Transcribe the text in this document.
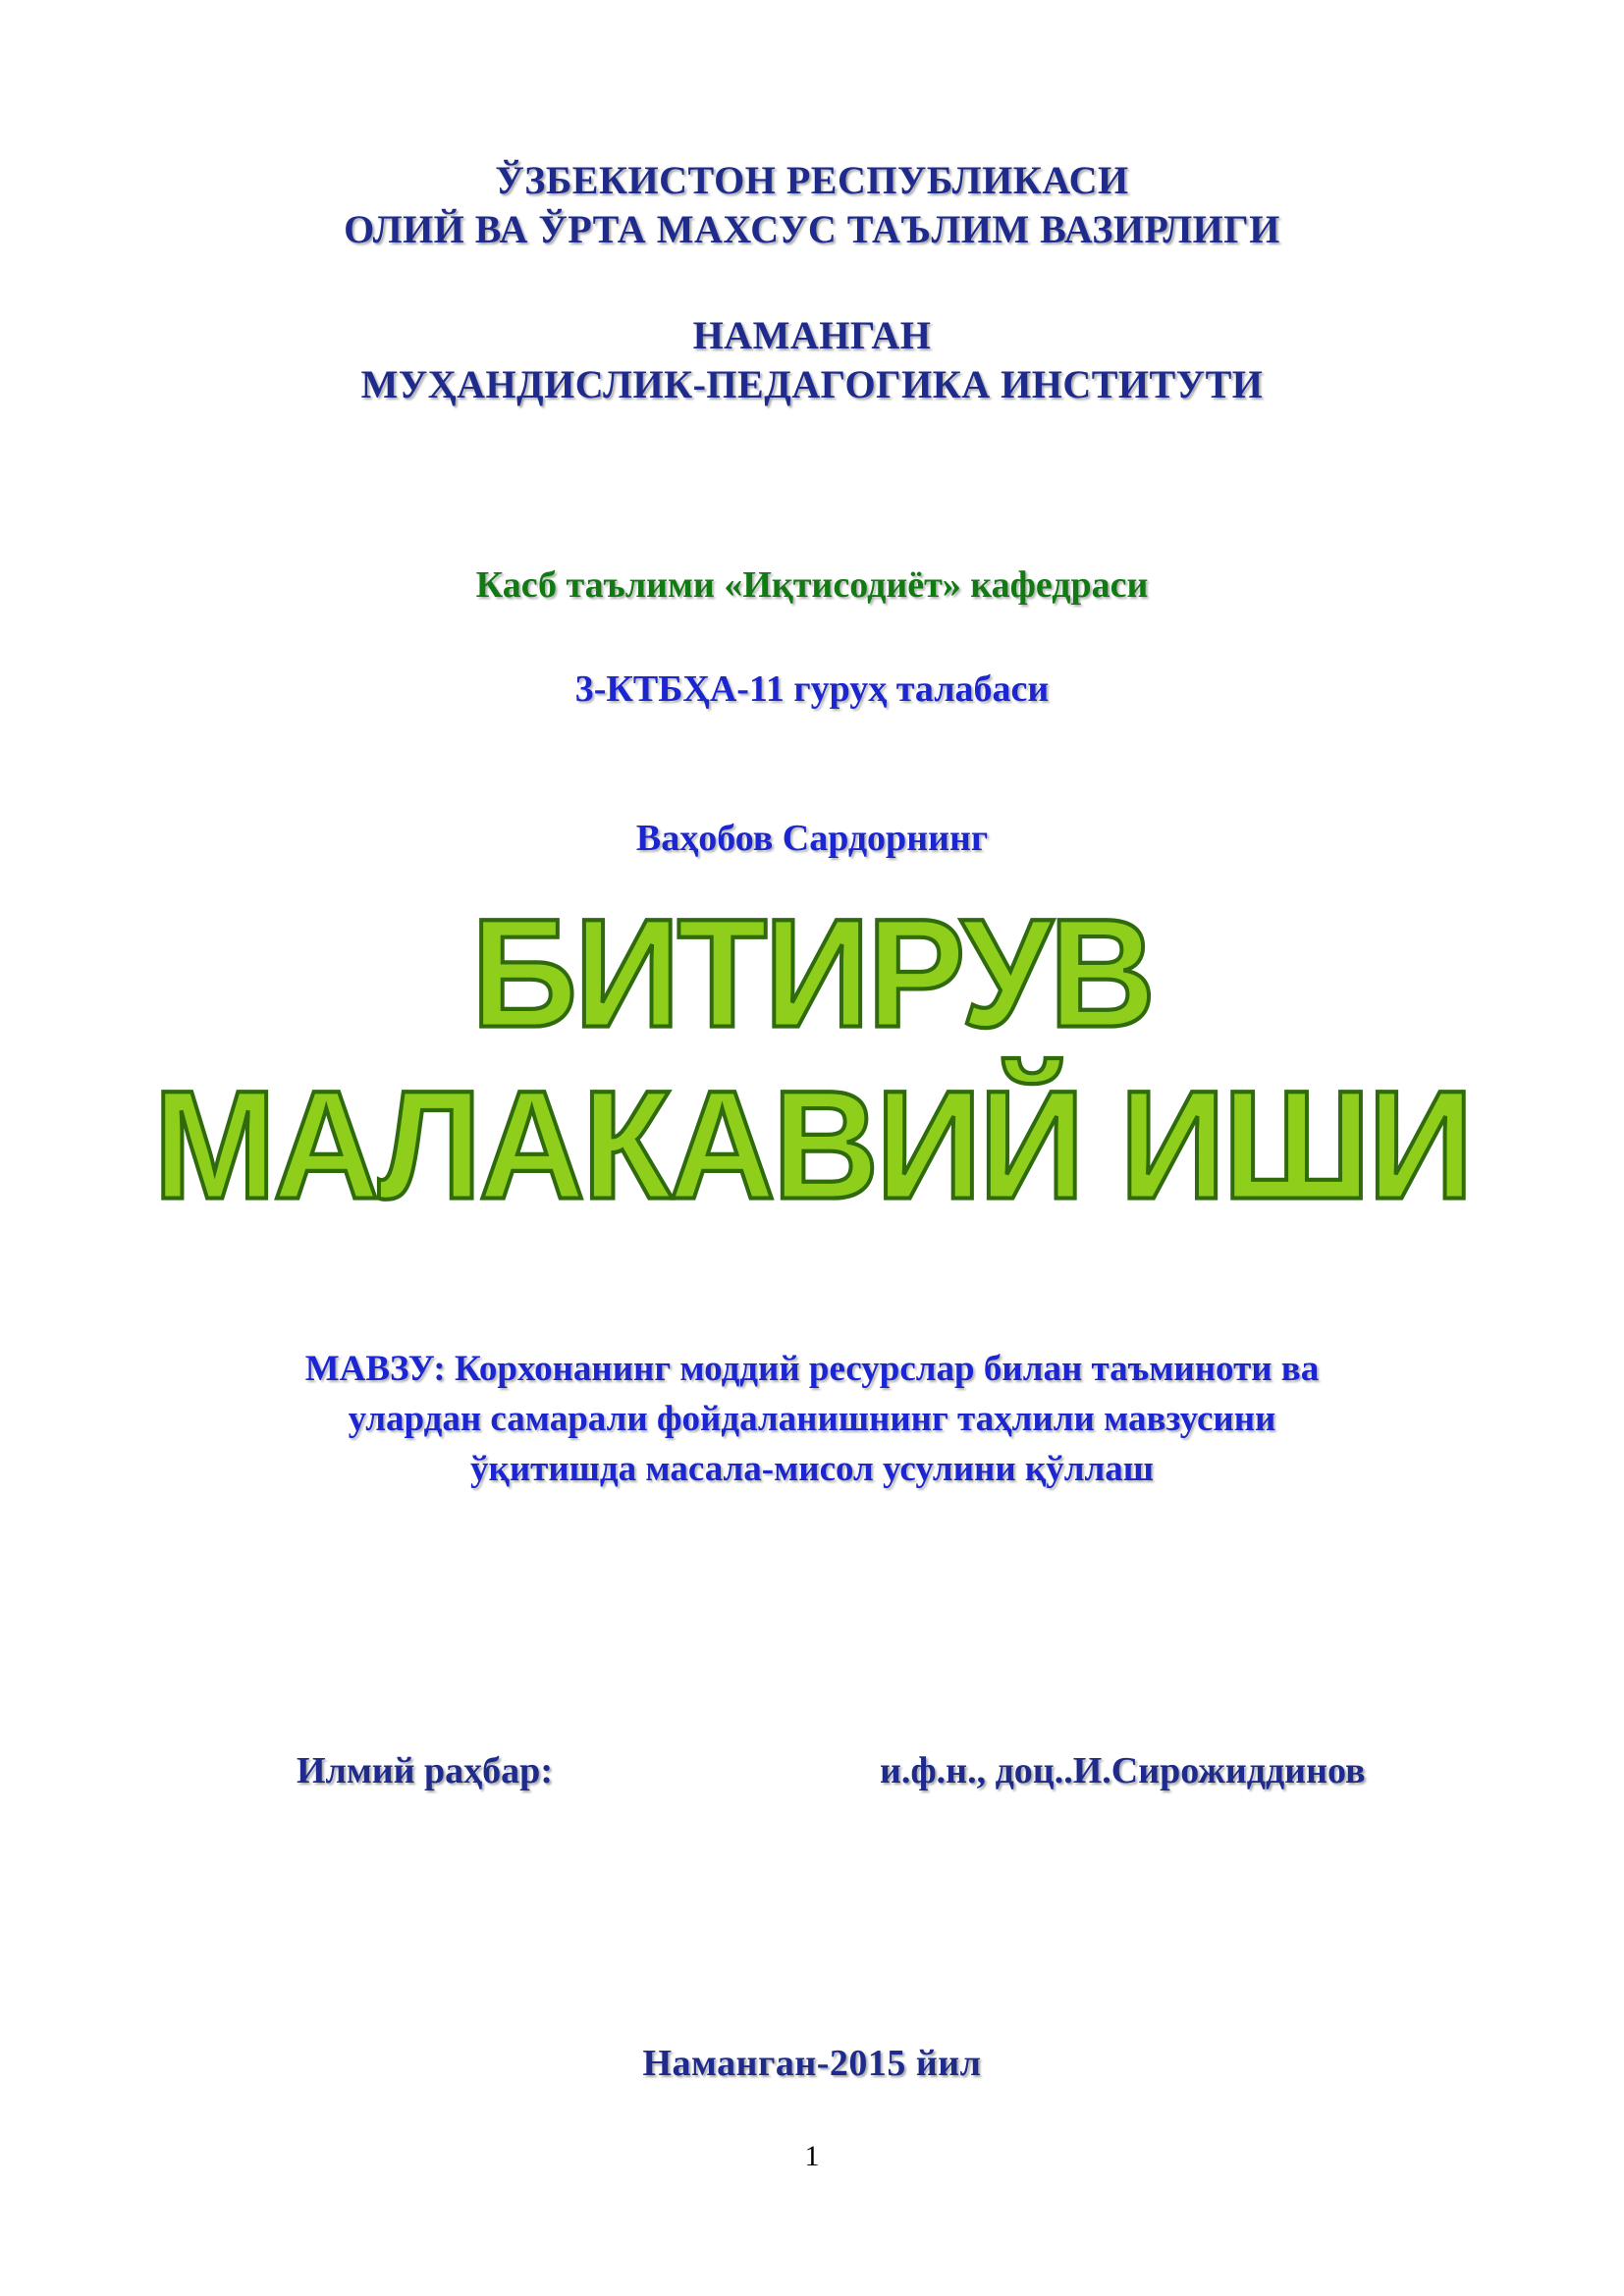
ЎЗБЕКИСТОН РЕСПУБЛИКАСИ

ОЛИЙ ВА ЎРТА МАХСУС ТАЪЛИМ ВАЗИРЛИГИ

НАМАНГАН

МУҲАНДИСЛИК-ПЕДАГОГИКА ИНСТИТУТИ

Касб таълими «Иқтисодиёт» кафедраси

3-КТБҲА-11 гуруҳ талабаси

Ваҳобов Сардорнинг

БИТИРУВ

МАЛАКАВИЙ ИШИ

МАВЗУ: Корхонанинг моддий ресурслар билан таъминоти ва

улардан самарали фойдаланишнинг таҳлили мавзусини

ўқитишда масала-мисол усулини қўллаш

Илмий раҳбар:	и.ф.н., доц..И.Сирожиддинов

Наманган-2015 йил

1
